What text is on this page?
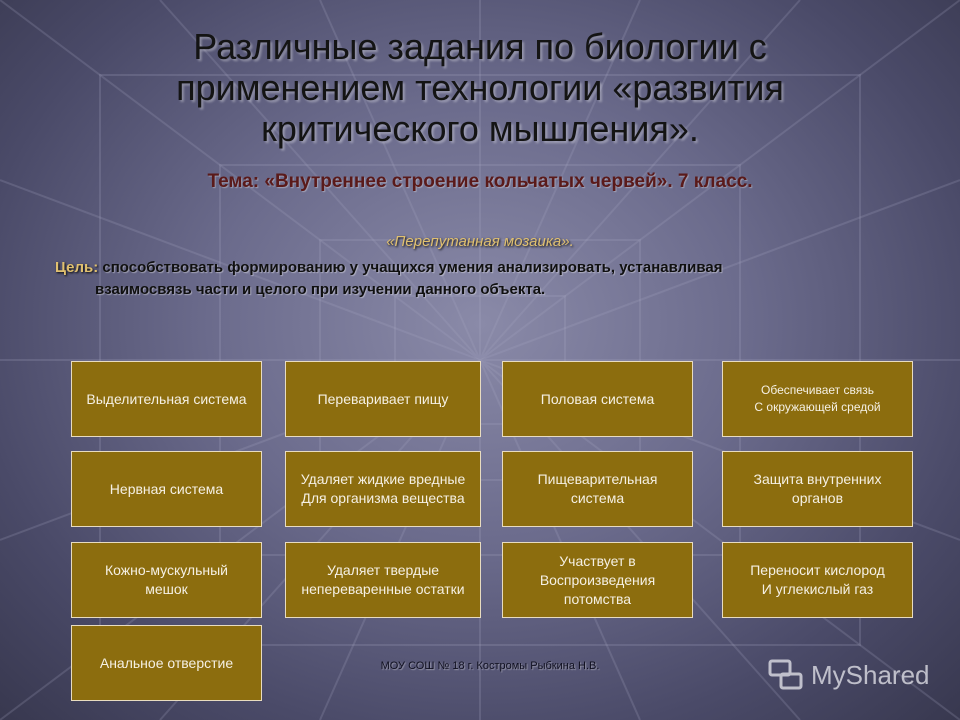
Различные задания по биологии с применением технологии «развития критического мышления».
Тема: «Внутреннее строение кольчатых червей». 7 класс.
«Перепутанная мозаика».
Цель: способствовать формированию у учащихся умения анализировать, устанавливая
взаимосвязь части и целого при изучении данного объекта.
Выделительная система	Переваривает пищу	Половая система
Обеспечивает связь
С окружающей средой
Нервная система
Удаляет жидкие вредные
Для организма вещества
Пищеварительная
система
Защита внутренних
органов
Кожно-мускульный
мешок
Удаляет твердые
непереваренные остатки
Участвует в
Воспроизведения
потомства
Переносит кислород
И углекислый газ
Анальное отверстие	МОУ СОШ № 18 г. Костромы Рыбкина Н.В.	MyShared
